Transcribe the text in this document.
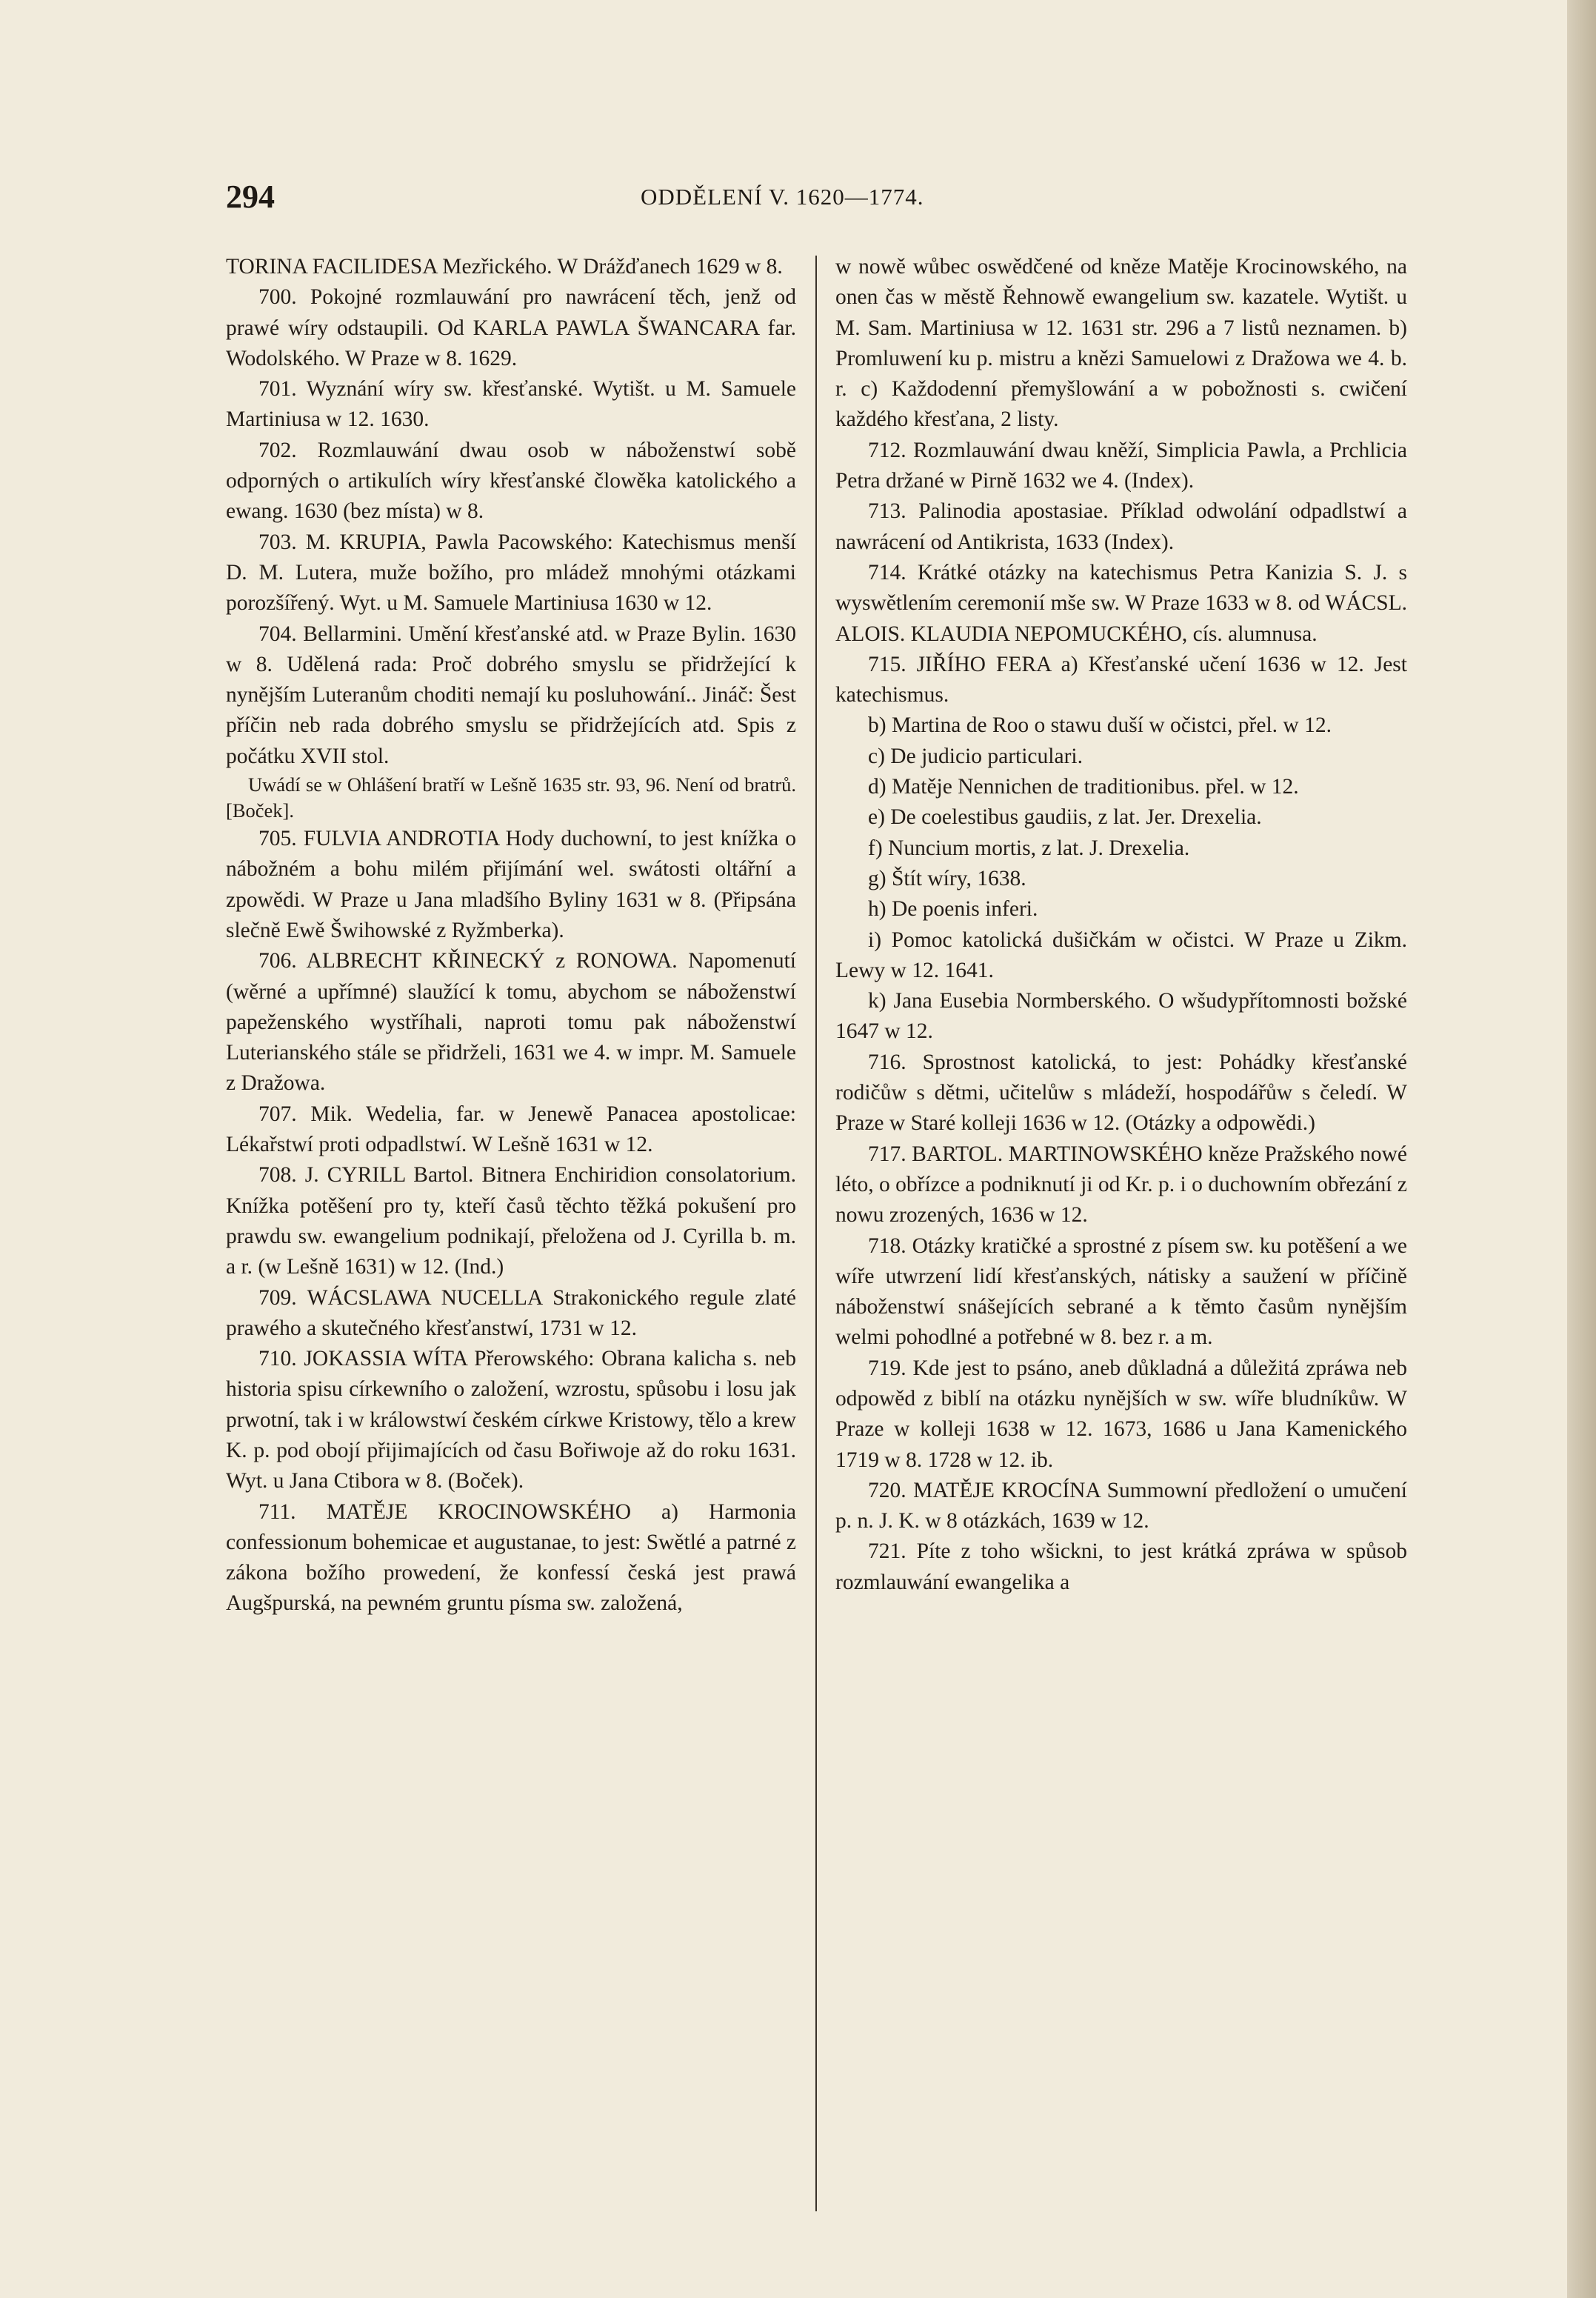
294	ODDĚLENÍ V. 1620—1774.

TORINA FACILIDESA Mezřického. W Drážďanech 1629 w 8.

700. Pokojné rozmlauwání pro nawrácení těch, jenž od prawé wíry odstaupili. Od KARLA PAWLA ŠWANCARA far. Wodolského. W Praze w 8. 1629.

701. Wyznání wíry sw. křesťanské. Wytišt. u M. Samuele Martiniusa w 12. 1630.

702. Rozmlauwání dwau osob w náboženstwí sobě odporných o artikulích wíry křesťanské člowěka katolického a ewang. 1630 (bez místa) w 8.

703. M. KRUPIA, Pawla Pacowského: Katechismus menší D. M. Lutera, muže božího, pro mládež mnohými otázkami porozšířený. Wyt. u M. Samuele Martiniusa 1630 w 12.

704. Bellarmini. Umění křesťanské atd. w Praze Bylin. 1630 w 8. Udělená rada: Proč dobrého smyslu se přidržející k nynějším Luteranům choditi nemají ku posluhowání.. Jináč: Šest příčin neb rada dobrého smyslu se přidržejících atd. Spis z počátku XVII stol.

Uwádí se w Ohlášení bratří w Lešně 1635 str. 93, 96. Není od bratrů. [Boček].

705. FULVIA ANDROTIA Hody duchowní, to jest knížka o nábožném a bohu milém přijímání wel. swátosti oltářní a zpowědi. W Praze u Jana mladšího Byliny 1631 w 8. (Připsána slečně Ewě Šwihowské z Ryžmberka).

706. ALBRECHT KŘINECKÝ z RONOWA. Napomenutí (wěrné a upřímné) slaužící k tomu, abychom se náboženstwí papeženského wystříhali, naproti tomu pak náboženstwí Luterianského stále se přidrželi, 1631 we 4. w impr. M. Samuele z Dražowa.

707. Mik. Wedelia, far. w Jenewě Panacea apostolicae: Lékařstwí proti odpadlstwí. W Lešně 1631 w 12.

708. J. CYRILL Bartol. Bitnera Enchiridion consolatorium. Knížka potěšení pro ty, kteří časů těchto těžká pokušení pro prawdu sw. ewangelium podnikají, přeložena od J. Cyrilla b. m. a r. (w Lešně 1631) w 12. (Ind.)

709. WÁCSLAWA NUCELLA Strakonického regule zlaté prawého a skutečného křesťanstwí, 1731 w 12.

710. JOKASSIA WÍTA Přerowského: Obrana kalicha s. neb historia spisu církewního o založení, wzrostu, spůsobu i losu jak prwotní, tak i w králowstwí českém církwe Kristowy, tělo a krew K. p. pod obojí přijimajících od času Bořiwoje až do roku 1631. Wyt. u Jana Ctibora w 8. (Boček).

711. MATĚJE KROCINOWSKÉHO a) Harmonia confessionum bohemicae et augustanae, to jest: Swětlé a patrné z zákona božího prowedení, že konfessí česká jest prawá Augšpurská, na pewném gruntu písma sw. založená,

w nowě wůbec oswědčené od kněze Matěje Krocinowského, na onen čas w městě Řehnowě ewangelium sw. kazatele. Wytišt. u M. Sam. Martiniusa w 12. 1631 str. 296 a 7 listů neznamen. b) Promluwení ku p. mistru a knězi Samuelowi z Dražowa we 4. b. r. c) Každodenní přemyšlowání a w pobožnosti s. cwičení každého křesťana, 2 listy.

712. Rozmlauwání dwau kněží, Simplicia Pawla, a Prchlicia Petra držané w Pirně 1632 we 4. (Index).

713. Palinodia apostasiae. Příklad odwolání odpadlstwí a nawrácení od Antikrista, 1633 (Index).

714. Krátké otázky na katechismus Petra Kanizia S. J. s wyswětlením ceremonií mše sw. W Praze 1633 w 8. od WÁCSL. ALOIS. KLAUDIA NEPOMUCKÉHO, cís. alumnusa.

715. JIŘÍHO FERA a) Křesťanské učení 1636 w 12. Jest katechismus.

b) Martina de Roo o stawu duší w očistci, přel. w 12.

c) De judicio particulari.

d) Matěje Nennichen de traditionibus. přel. w 12.

e) De coelestibus gaudiis, z lat. Jer. Drexelia.

f) Nuncium mortis, z lat. J. Drexelia.

g) Štít wíry, 1638.

h) De poenis inferi.

i) Pomoc katolická dušičkám w očistci. W Praze u Zikm. Lewy w 12. 1641.

k) Jana Eusebia Normberského. O wšudypřítomnosti božské 1647 w 12.

716. Sprostnost katolická, to jest: Pohádky křesťanské rodičůw s dětmi, učitelůw s mládeží, hospodářůw s čeledí. W Praze w Staré kolleji 1636 w 12. (Otázky a odpowědi.)

717. BARTOL. MARTINOWSKÉHO kněze Pražského nowé léto, o obřízce a podniknutí ji od Kr. p. i o duchowním obřezání z nowu zrozených, 1636 w 12.

718. Otázky kratičké a sprostné z písem sw. ku potěšení a we wíře utwrzení lidí křesťanských, nátisky a saužení w příčině náboženstwí snášejících sebrané a k těmto časům nynějším welmi pohodlné a potřebné w 8. bez r. a m.

719. Kde jest to psáno, aneb důkladná a důležitá zpráwa neb odpowěd z biblí na otázku nynějších w sw. wíře bludníkůw. W Praze w kolleji 1638 w 12. 1673, 1686 u Jana Kamenického 1719 w 8. 1728 w 12. ib.

720. MATĚJE KROCÍNA Summowní předložení o umučení p. n. J. K. w 8 otázkách, 1639 w 12.

721. Píte z toho wšickni, to jest krátká zpráwa w spůsob rozmlauwání ewangelika a
